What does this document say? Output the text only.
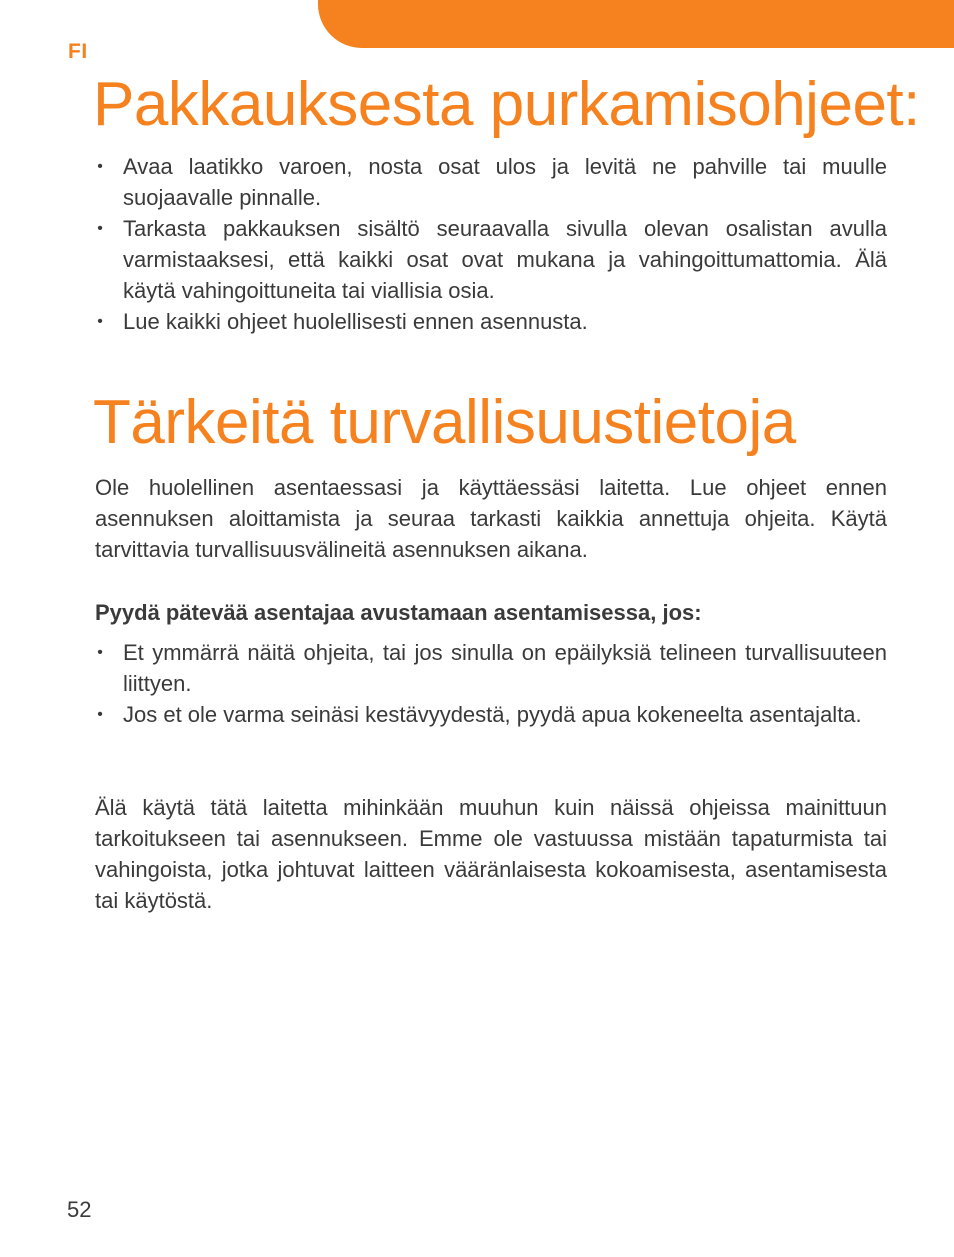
FI
Pakkauksesta purkamisohjeet:
• Avaa laatikko varoen, nosta osat ulos ja levitä ne pahville tai muulle suojaavalle pinnalle.
• Tarkasta pakkauksen sisältö seuraavalla sivulla olevan osalistan avulla varmistaaksesi, että kaikki osat ovat mukana ja vahingoittumattomia. Älä käytä vahingoittuneita tai viallisia osia.
• Lue kaikki ohjeet huolellisesti ennen asennusta.
Tärkeitä turvallisuustietoja
Ole huolellinen asentaessasi ja käyttäessäsi laitetta. Lue ohjeet ennen asennuksen aloittamista ja seuraa tarkasti kaikkia annettuja ohjeita. Käytä tarvittavia turvallisuusvälineitä asennuksen aikana.
Pyydä pätevää asentajaa avustamaan asentamisessa, jos:
• Et ymmärrä näitä ohjeita, tai jos sinulla on epäilyksiä telineen turvallisuuteen liittyen.
• Jos et ole varma seinäsi kestävyydestä, pyydä apua kokeneelta asentajalta.
Älä käytä tätä laitetta mihinkään muuhun kuin näissä ohjeissa mainittuun tarkoitukseen tai asennukseen. Emme ole vastuussa mistään tapaturmista tai vahingoista, jotka johtuvat laitteen vääränlaisesta kokoamisesta, asentamisesta tai käytöstä.
52
